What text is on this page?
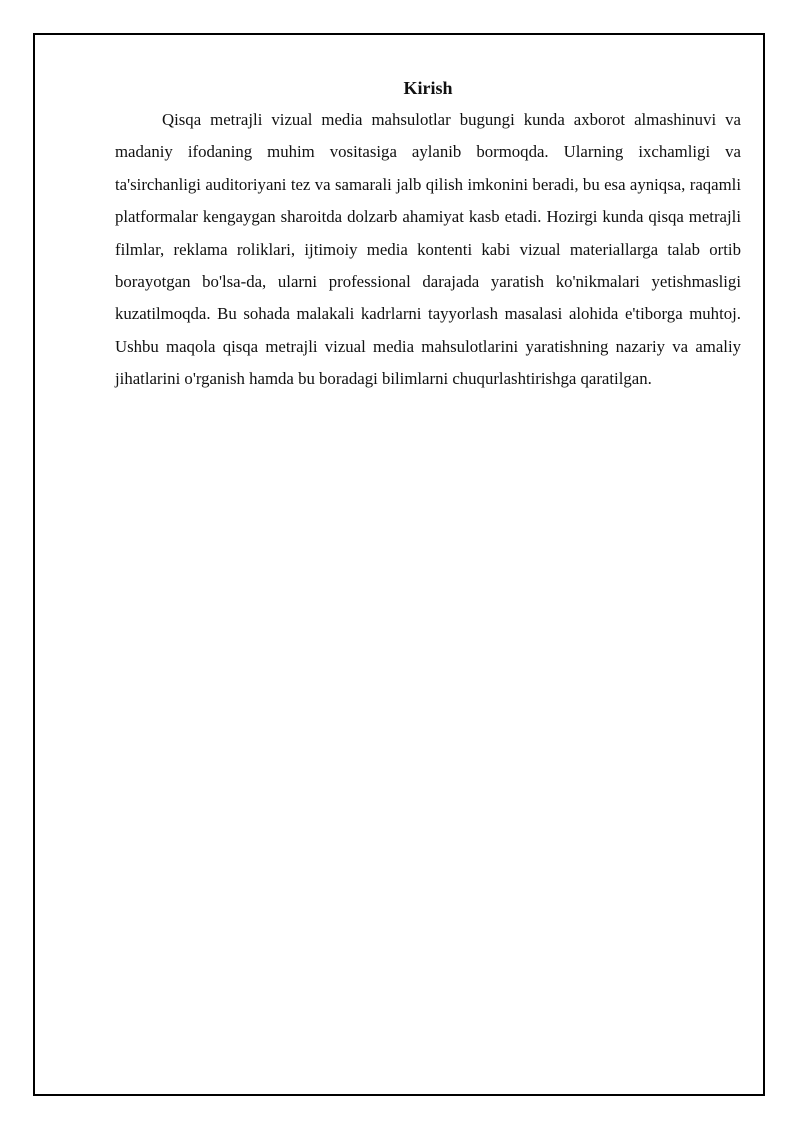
Kirish

Qisqa metrajli vizual media mahsulotlar bugungi kunda axborot almashinuvi va madaniy ifodaning muhim vositasiga aylanib bormoqda. Ularning ixchamligi va ta'sirchanligi auditoriyani tez va samarali jalb qilish imkonini beradi, bu esa ayniqsa, raqamli platformalar kengaygan sharoitda dolzarb ahamiyat kasb etadi. Hozirgi kunda qisqa metrajli filmlar, reklama roliklari, ijtimoiy media kontenti kabi vizual materiallarga talab ortib borayotgan bo'lsa-da, ularni professional darajada yaratish ko'nikmalari yetishmasligi kuzatilmoqda. Bu sohada malakali kadrlarni tayyorlash masalasi alohida e'tiborga muhtoj. Ushbu maqola qisqa metrajli vizual media mahsulotlarini yaratishning nazariy va amaliy jihatlarini o'rganish hamda bu boradagi bilimlarni chuqurlashtirishga qaratilgan.
